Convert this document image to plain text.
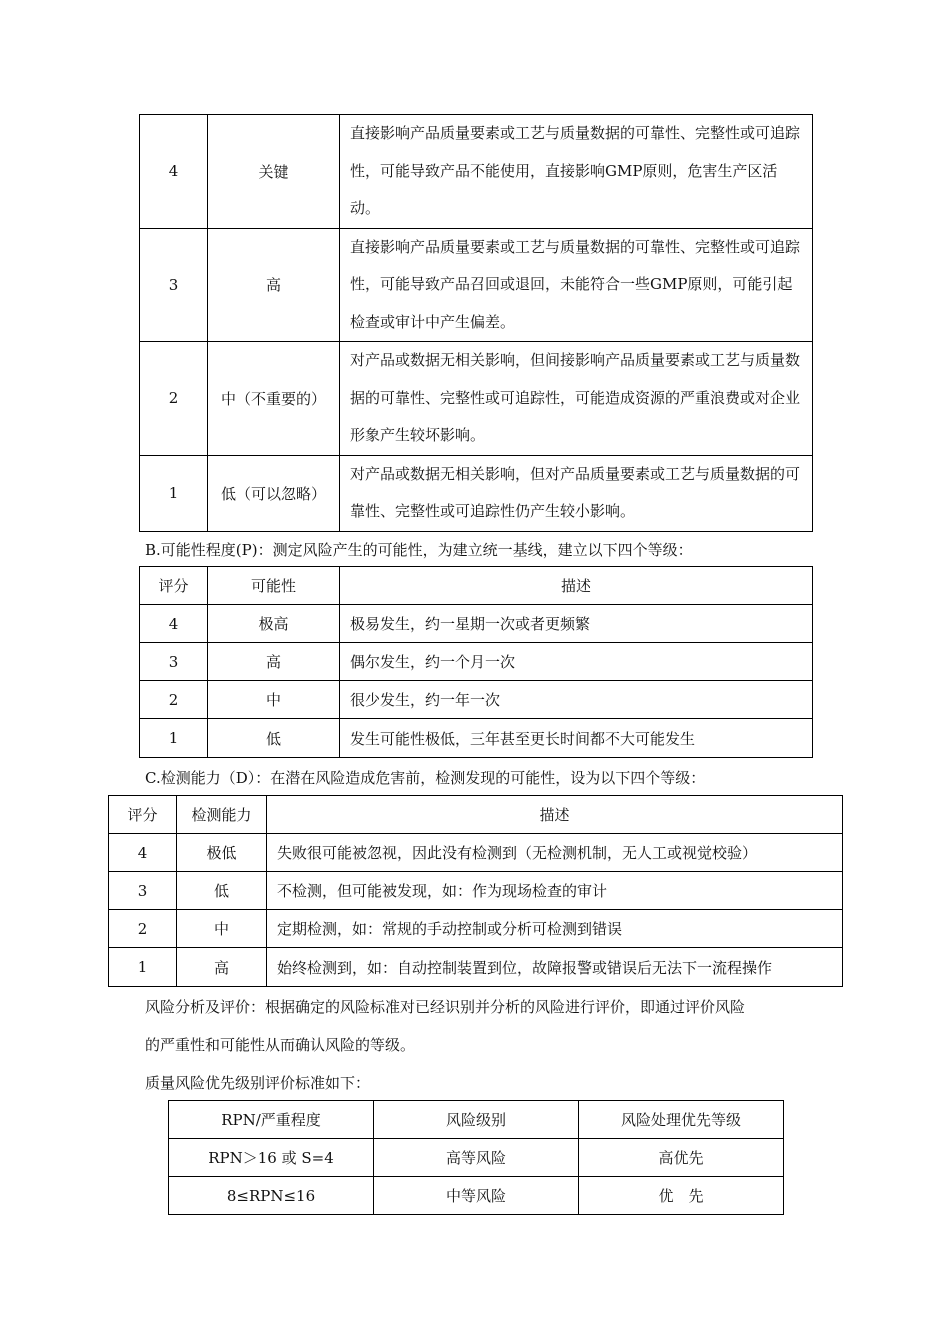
4	关键	直接影响产品质量要素或工艺与质量数据的可靠性、完整性或可追踪性，可能导致产品不能使用，直接影响GMP原则，危害生产区活动。
3	高	直接影响产品质量要素或工艺与质量数据的可靠性、完整性或可追踪性，可能导致产品召回或退回，未能符合一些GMP原则，可能引起检查或审计中产生偏差。
2	中（不重要的）	对产品或数据无相关影响，但间接影响产品质量要素或工艺与质量数据的可靠性、完整性或可追踪性，可能造成资源的严重浪费或对企业形象产生较坏影响。
1	低（可以忽略）	对产品或数据无相关影响，但对产品质量要素或工艺与质量数据的可靠性、完整性或可追踪性仍产生较小影响。
B.可能性程度(P)：测定风险产生的可能性，为建立统一基线，建立以下四个等级：
评分	可能性	描述
4	极高	极易发生，约一星期一次或者更频繁
3	高	偶尔发生，约一个月一次
2	中	很少发生，约一年一次
1	低	发生可能性极低，三年甚至更长时间都不大可能发生
C.检测能力（D）：在潜在风险造成危害前，检测发现的可能性，设为以下四个等级：
评分	检测能力	描述
4	极低	失败很可能被忽视，因此没有检测到（无检测机制，无人工或视觉校验）
3	低	不检测，但可能被发现，如：作为现场检查的审计
2	中	定期检测，如：常规的手动控制或分析可检测到错误
1	高	始终检测到，如：自动控制装置到位，故障报警或错误后无法下一流程操作
风险分析及评价：根据确定的风险标准对已经识别并分析的风险进行评价，即通过评价风险
的严重性和可能性从而确认风险的等级。
质量风险优先级别评价标准如下：
RPN/严重程度	风险级别	风险处理优先等级
RPN＞16 或 S=4	高等风险	高优先
8≤RPN≤16	中等风险	优　先
